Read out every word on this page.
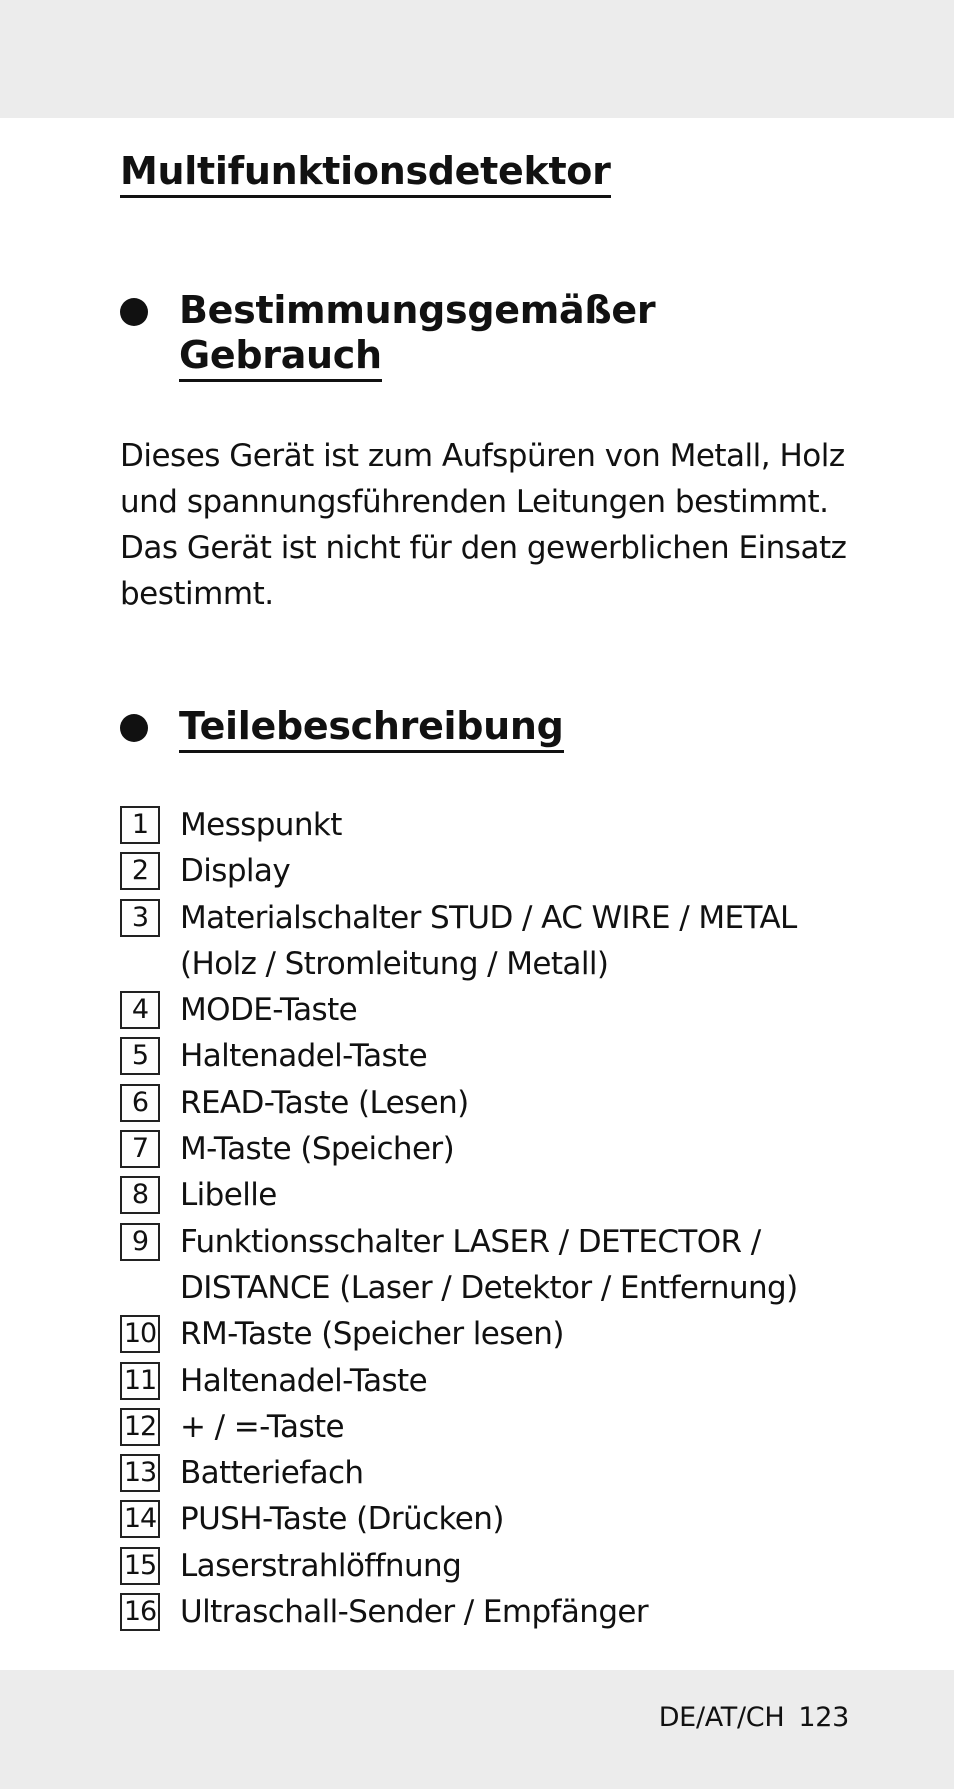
Multifunktionsdetektor
Bestimmungsgemäßer
Gebrauch

Dieses Gerät ist zum Aufspüren von Metall, Holz
und spannungsführenden Leitungen bestimmt.
Das Gerät ist nicht für den gewerblichen Einsatz
bestimmt.

Teilebeschreibung
1	Messpunkt
2	Display
3	Materialschalter STUD / AC WIRE / METAL
(Holz / Stromleitung / Metall)
4	MODE-Taste
5	Haltenadel-Taste
6	READ-Taste (Lesen)
7	M-Taste (Speicher)
8	Libelle
9	Funktionsschalter LASER / DETECTOR /
DISTANCE (Laser / Detektor / Entfernung)
10 RM-Taste (Speicher lesen)
11 Haltenadel-Taste
12 + / =-Taste
13 Batteriefach
14 PUSH-Taste (Drücken)
15 Laserstrahlöffnung
16 Ultraschall-Sender / Empfänger
DE/AT/CH 123
